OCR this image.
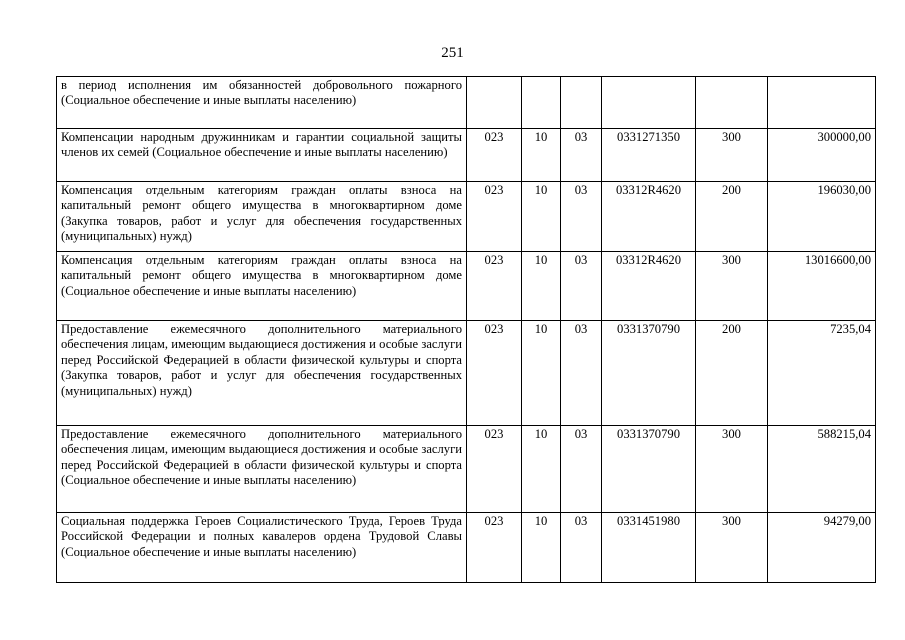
251
в период исполнения им обязанностей добровольного пожарного (Социальное обеспечение и иные выплаты населению)						
Компенсации народным дружинникам и гарантии социальной защиты членов их семей (Социальное обеспечение и иные выплаты населению)	023	10	03	0331271350	300	300000,00
Компенсация отдельным категориям граждан оплаты взноса на капитальный ремонт общего имущества в многоквартирном доме (Закупка товаров, работ и услуг для обеспечения государственных (муниципальных) нужд)	023	10	03	03312R4620	200	196030,00
Компенсация отдельным категориям граждан оплаты взноса на капитальный ремонт общего имущества в многоквартирном доме (Социальное обеспечение и иные выплаты населению)	023	10	03	03312R4620	300	13016600,00
Предоставление ежемесячного дополнительного материального обеспечения лицам, имеющим выдающиеся достижения и особые заслуги перед Российской Федерацией в области физической культуры и спорта (Закупка товаров, работ и услуг для обеспечения государственных (муниципальных) нужд)	023	10	03	0331370790	200	7235,04
Предоставление ежемесячного дополнительного материального обеспечения лицам, имеющим выдающиеся достижения и особые заслуги перед Российской Федерацией в области физической культуры и спорта (Социальное обеспечение и иные выплаты населению)	023	10	03	0331370790	300	588215,04
Социальная поддержка Героев Социалистического Труда, Героев Труда Российской Федерации и полных кавалеров ордена Трудовой Славы (Социальное обеспечение и иные выплаты населению)	023	10	03	0331451980	300	94279,00
